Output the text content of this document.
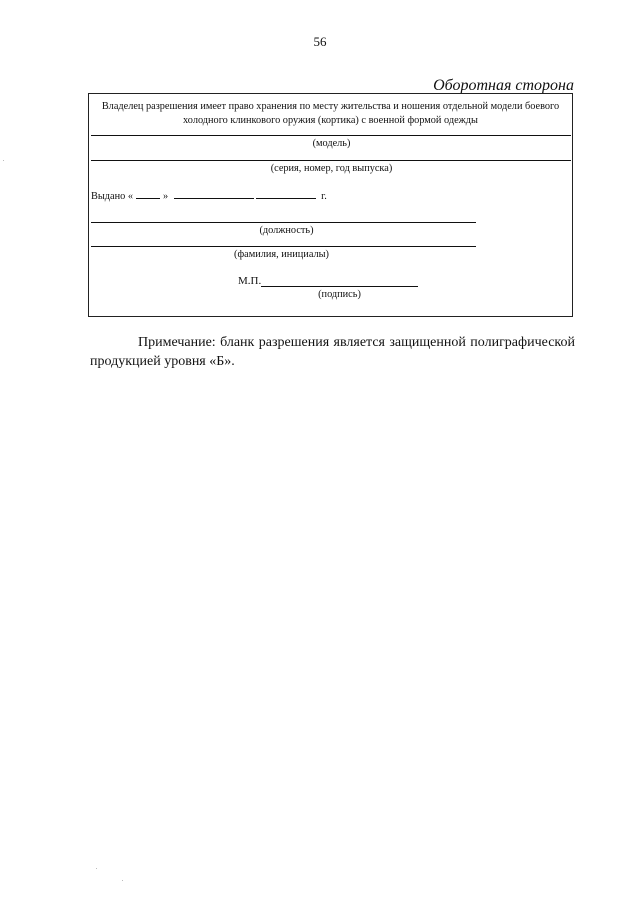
56
Оборотная сторона
Владелец разрешения имеет право хранения по месту жительства и ношения отдельной модели боевого холодного клинкового оружия (кортика) с военной формой одежды
(модель)
(серия, номер, год выпуска)
Выдано «	»	г.
(должность)
(фамилия, инициалы)
М.П.
(подпись)
Примечание: бланк разрешения является защищенной полиграфической продукцией уровня «Б».
